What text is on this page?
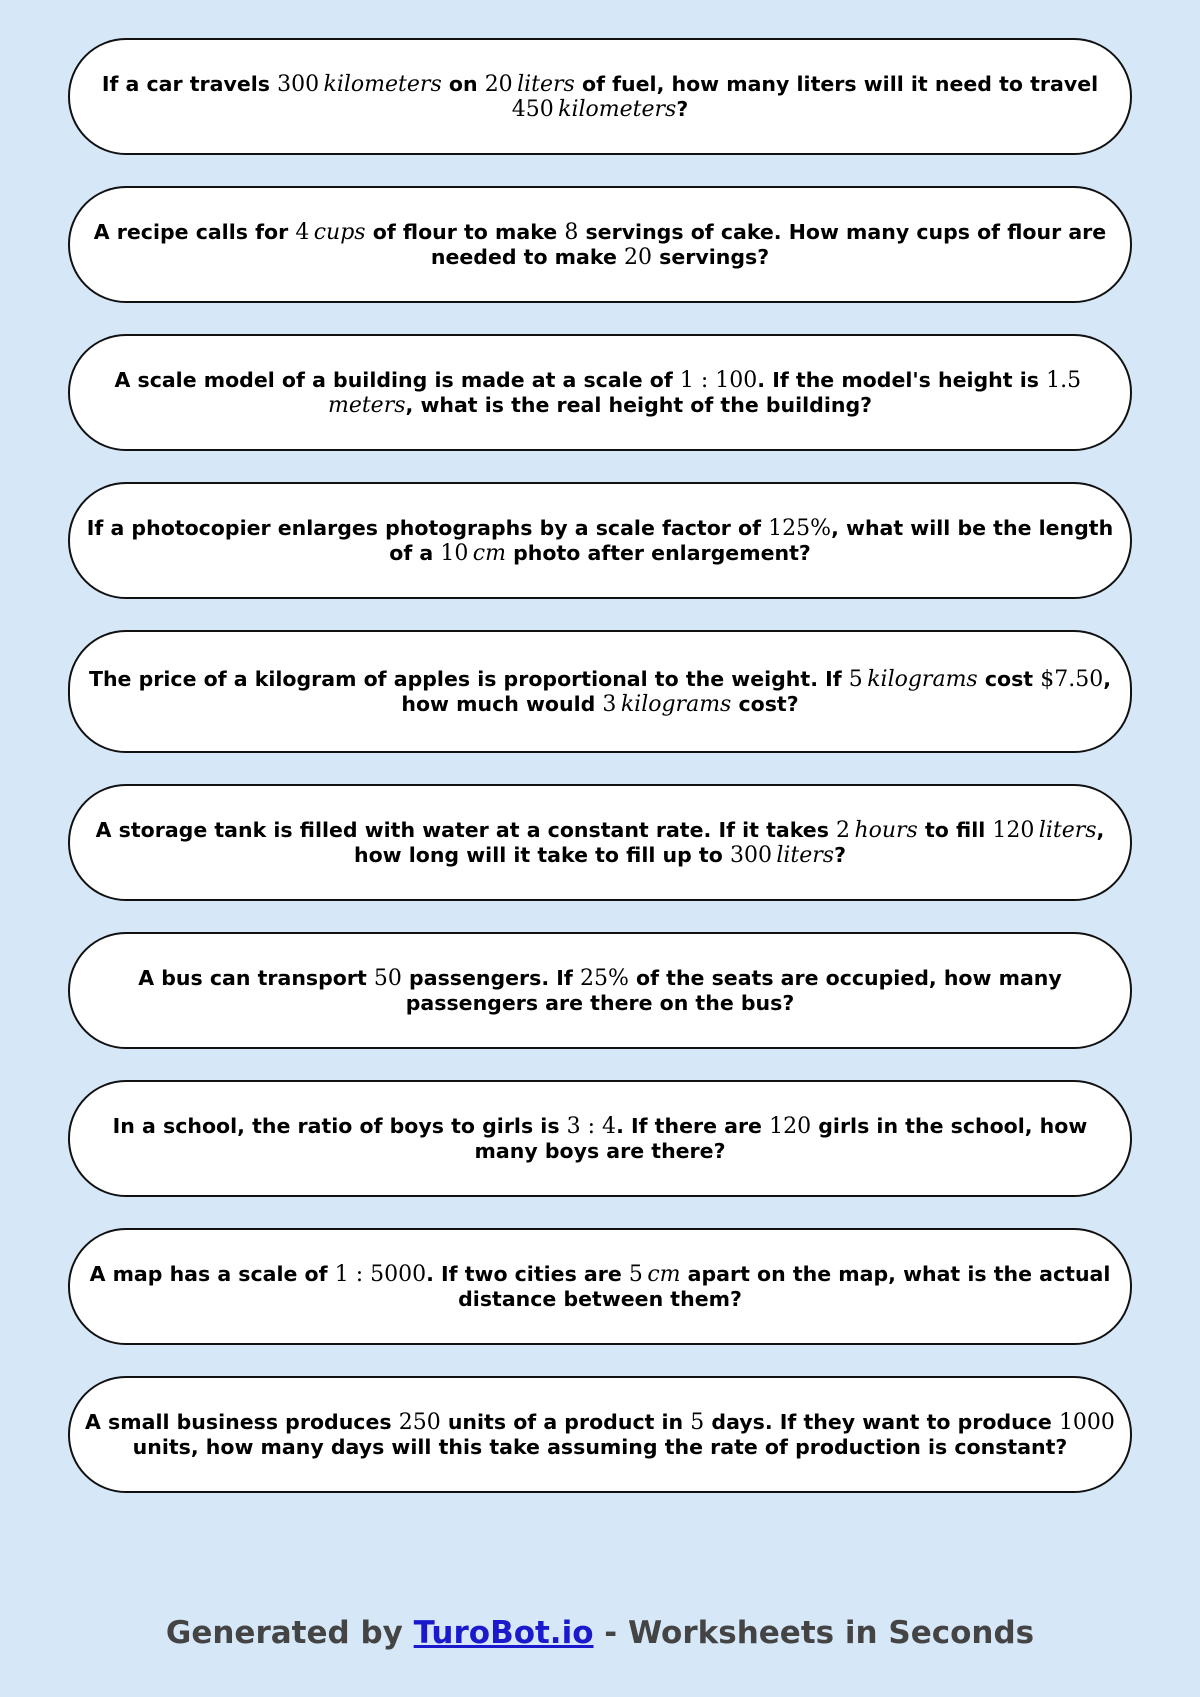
If a car travels 300  kilometers on 20  liters of fuel, how many liters will it need to travel 450  kilometers?
A recipe calls for 4  cups of flour to make 8 servings of cake. How many cups of flour are needed to make 20 servings?
A scale model of a building is made at a scale of 1 : 100. If the model's height is 1.5 meters, what is the real height of the building?
If a photocopier enlarges photographs by a scale factor of 125%, what will be the length of a 10  cm photo after enlargement?
The price of a kilogram of apples is proportional to the weight. If 5  kilograms cost $7.50, how much would 3  kilograms cost?
A storage tank is filled with water at a constant rate. If it takes 2  hours to fill 120  liters, how long will it take to fill up to 300  liters?
A bus can transport 50 passengers. If 25% of the seats are occupied, how many passengers are there on the bus?
In a school, the ratio of boys to girls is 3 : 4. If there are 120 girls in the school, how many boys are there?
A map has a scale of 1 : 5000. If two cities are 5  cm apart on the map, what is the actual distance between them?
A small business produces 250 units of a product in 5 days. If they want to produce 1000 units, how many days will this take assuming the rate of production is constant?
Generated by TuroBot.io - Worksheets in Seconds
